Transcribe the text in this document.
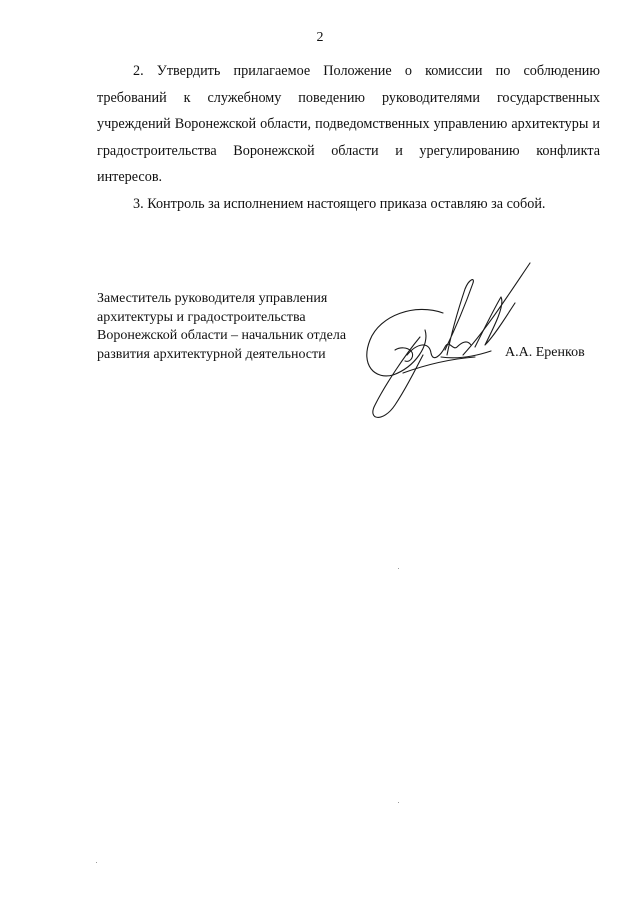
2

2. Утвердить прилагаемое Положение о комиссии по соблюдению требований к служебному поведению руководителями государственных учреждений Воронежской области, подведомственных управлению архитектуры и градостроительства Воронежской области и урегулированию конфликта интересов.

3. Контроль за исполнением настоящего приказа оставляю за собой.

Заместитель руководителя управления
архитектуры и градостроительства
Воронежской области – начальник отдела
развития архитектурной деятельности	А.А. Еренков
